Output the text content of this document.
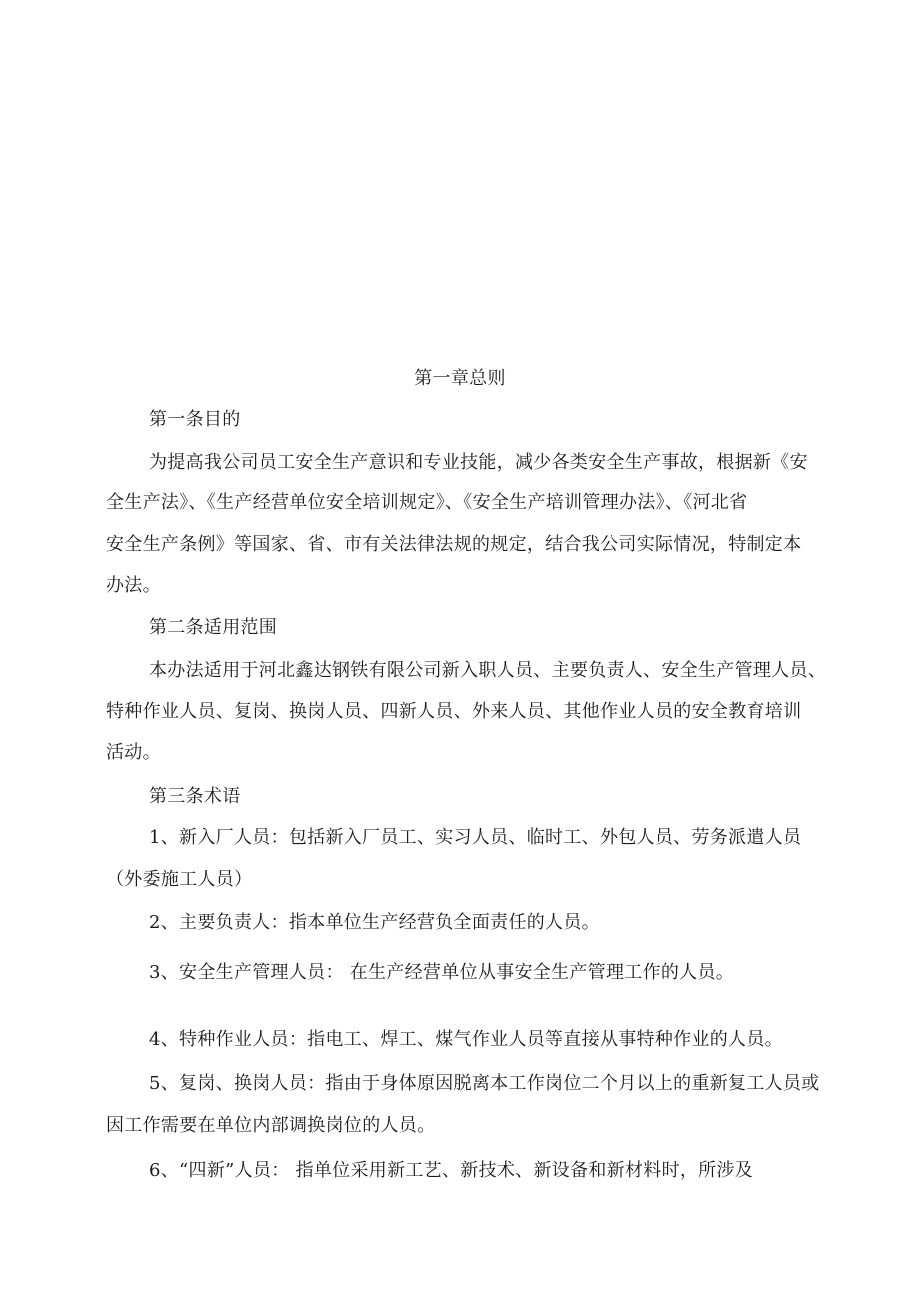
第一章总则
第一条目的
为提高我公司员工安全生产意识和专业技能，减少各类安全生产事故，根据新《安
全生产法》、《生产经营单位安全培训规定》、《安全生产培训管理办法》、《河北省
安全生产条例》等国家、省、市有关法律法规的规定，结合我公司实际情况，特制定本
办法。
第二条适用范围
本办法适用于河北鑫达钢铁有限公司新入职人员、主要负责人、安全生产管理人员、
特种作业人员、复岗、换岗人员、四新人员、外来人员、其他作业人员的安全教育培训
活动。
第三条术语
1、新入厂人员：包括新入厂员工、实习人员、临时工、外包人员、劳务派遣人员
（外委施工人员）
2、主要负责人：指本单位生产经营负全面责任的人员。
3、安全生产管理人员： 在生产经营单位从事安全生产管理工作的人员。
4、特种作业人员：指电工、焊工、煤气作业人员等直接从事特种作业的人员。
5、复岗、换岗人员：指由于身体原因脱离本工作岗位二个月以上的重新复工人员或
因工作需要在单位内部调换岗位的人员。
6、“四新”人员： 指单位采用新工艺、新技术、新设备和新材料时，所涉及
